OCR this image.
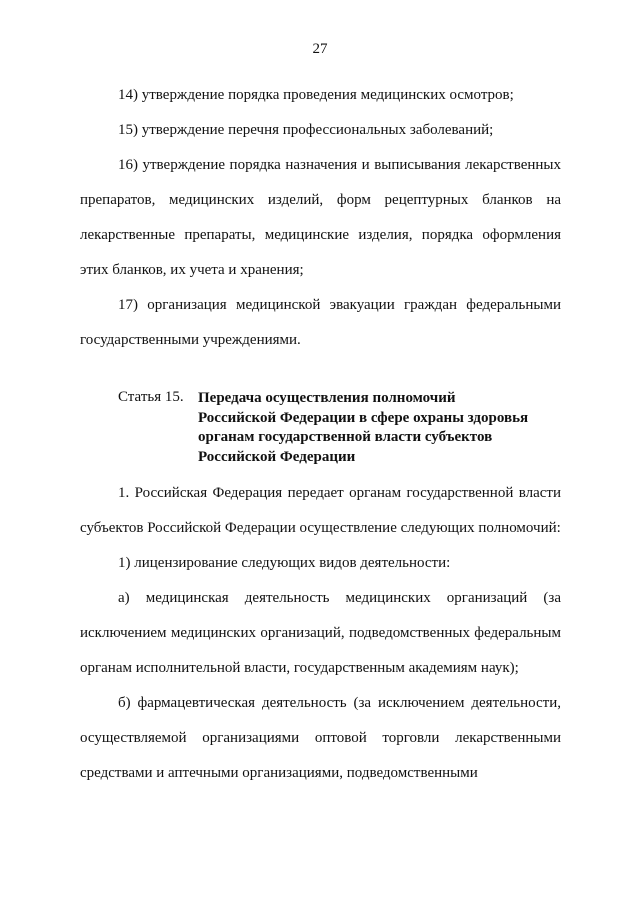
27

14) утверждение порядка проведения медицинских осмотров;

15) утверждение перечня профессиональных заболеваний;

16) утверждение порядка назначения и выписывания лекарственных препаратов, медицинских изделий, форм рецептурных бланков на лекарственные препараты, медицинские изделия, порядка оформления этих бланков, их учета и хранения;

17) организация медицинской эвакуации граждан федеральными государственными учреждениями.

Статья 15. Передача осуществления полномочий
Российской Федерации в сфере охраны здоровья
органам государственной власти субъектов
Российской Федерации

1. Российская Федерация передает органам государственной власти субъектов Российской Федерации осуществление следующих полномочий:

1) лицензирование следующих видов деятельности:

а) медицинская деятельность медицинских организаций (за исключением медицинских организаций, подведомственных федеральным органам исполнительной власти, государственным академиям наук);

б) фармацевтическая деятельность (за исключением деятельности, осуществляемой организациями оптовой торговли лекарственными средствами и аптечными организациями, подведомственными
